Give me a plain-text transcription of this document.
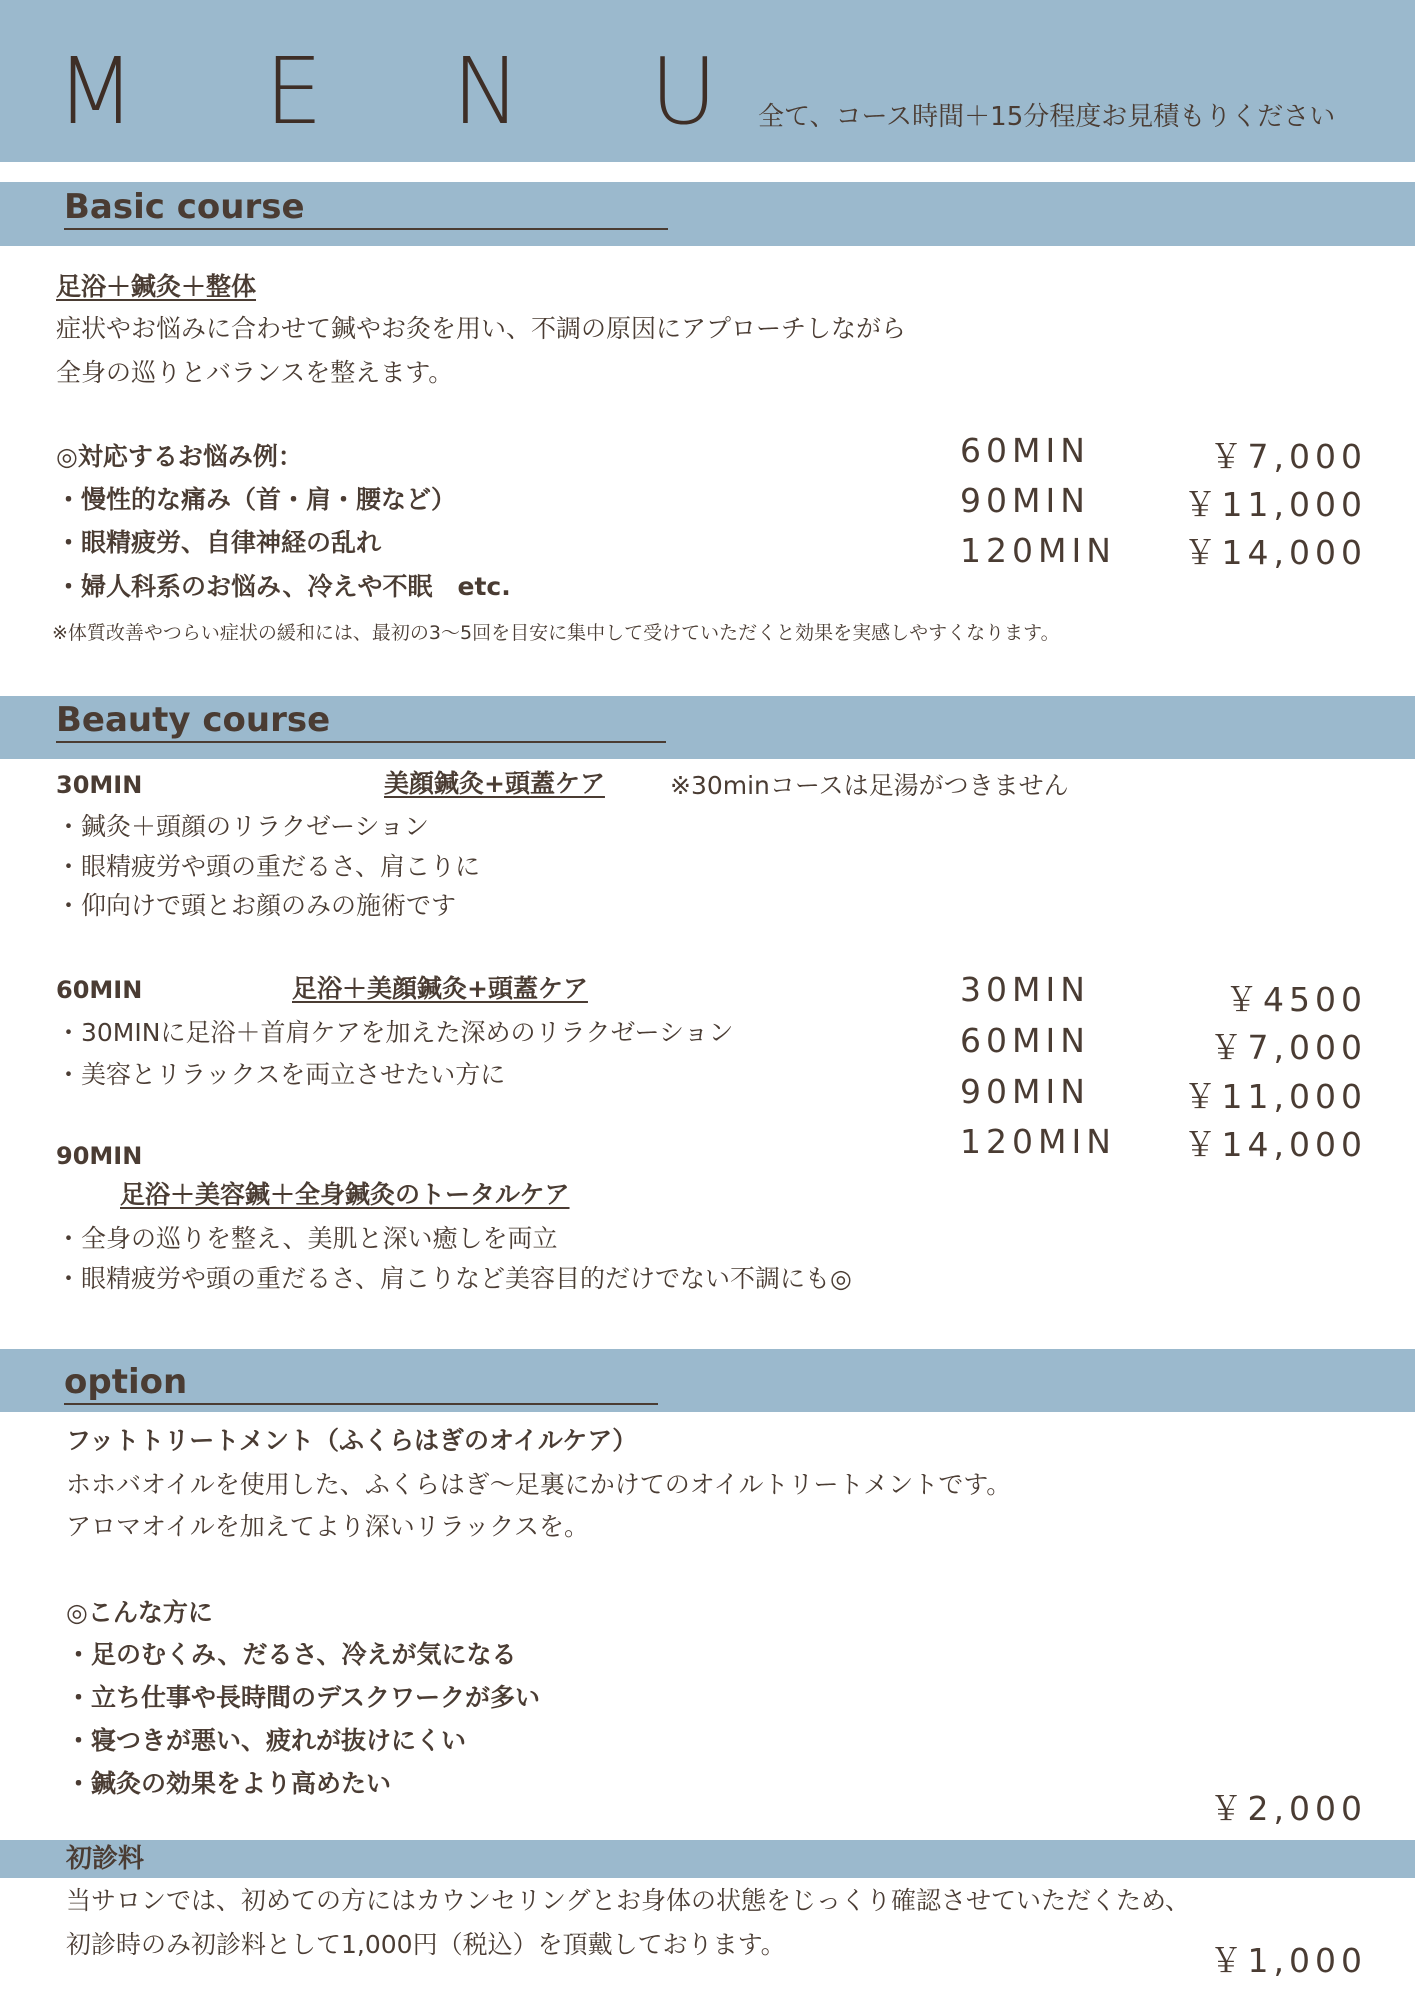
M E N U
全て、コース時間＋15分程度お見積もりください
Basic course
足浴＋鍼灸＋整体
症状やお悩みに合わせて鍼やお灸を用い、不調の原因にアプローチしながら
全身の巡りとバランスを整えます。
◎対応するお悩み例：
・慢性的な痛み（首・肩・腰など）
・眼精疲労、自律神経の乱れ
・婦人科系のお悩み、冷えや不眠　etc.
※体質改善やつらい症状の緩和には、最初の3〜5回を目安に集中して受けていただくと効果を実感しやすくなります。
60MIN	￥7,000
90MIN	￥11,000
120MIN ￥14,000
Beauty course
30MIN	美顔鍼灸+頭蓋ケア	※30minコースは足湯がつきません
・鍼灸＋頭顔のリラクゼーション
・眼精疲労や頭の重だるさ、肩こりに
・仰向けで頭とお顔のみの施術です
60MIN	足浴＋美顔鍼灸+頭蓋ケア
・30MINに足浴＋首肩ケアを加えた深めのリラクゼーション
・美容とリラックスを両立させたい方に
90MIN
足浴＋美容鍼＋全身鍼灸のトータルケア
・全身の巡りを整え、美肌と深い癒しを両立
・眼精疲労や頭の重だるさ、肩こりなど美容目的だけでない不調にも◎
30MIN	￥4500
60MIN	￥7,000
90MIN	￥11,000
120MIN ￥14,000
option
フットトリートメント（ふくらはぎのオイルケア）
ホホバオイルを使用した、ふくらはぎ〜足裏にかけてのオイルトリートメントです。
アロマオイルを加えてより深いリラックスを。
◎こんな方に
・足のむくみ、だるさ、冷えが気になる
・立ち仕事や長時間のデスクワークが多い
・寝つきが悪い、疲れが抜けにくい
・鍼灸の効果をより高めたい
￥2,000
初診料
当サロンでは、初めての方にはカウンセリングとお身体の状態をじっくり確認させていただくため、
初診時のみ初診料として1,000円（税込）を頂戴しております。	￥1,000
